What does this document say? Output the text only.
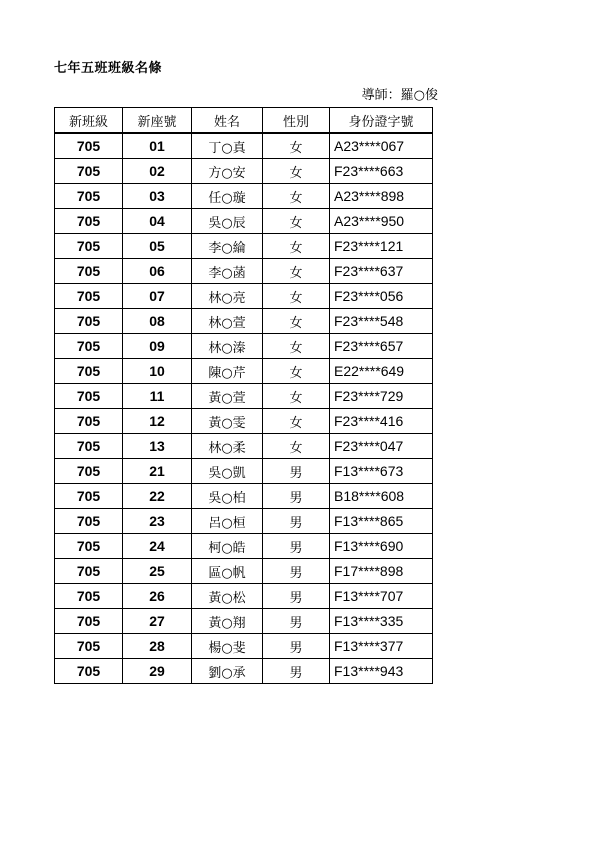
七年五班班級名條
導師：羅○俊
新班級	新座號	姓名	性別	身份證字號
705	01	丁○真	女	A23****067
705	02	方○安	女	F23****663
705	03	任○璇	女	A23****898
705	04	吳○辰	女	A23****950
705	05	李○綸	女	F23****121
705	06	李○菡	女	F23****637
705	07	林○亮	女	F23****056
705	08	林○萱	女	F23****548
705	09	林○溱	女	F23****657
705	10	陳○芹	女	E22****649
705	11	黃○萱	女	F23****729
705	12	黃○雯	女	F23****416
705	13	林○柔	女	F23****047
705	21	吳○凱	男	F13****673
705	22	吳○柏	男	B18****608
705	23	呂○桓	男	F13****865
705	24	柯○皓	男	F13****690
705	25	區○帆	男	F17****898
705	26	黃○松	男	F13****707
705	27	黃○翔	男	F13****335
705	28	楊○斐	男	F13****377
705	29	劉○承	男	F13****943
